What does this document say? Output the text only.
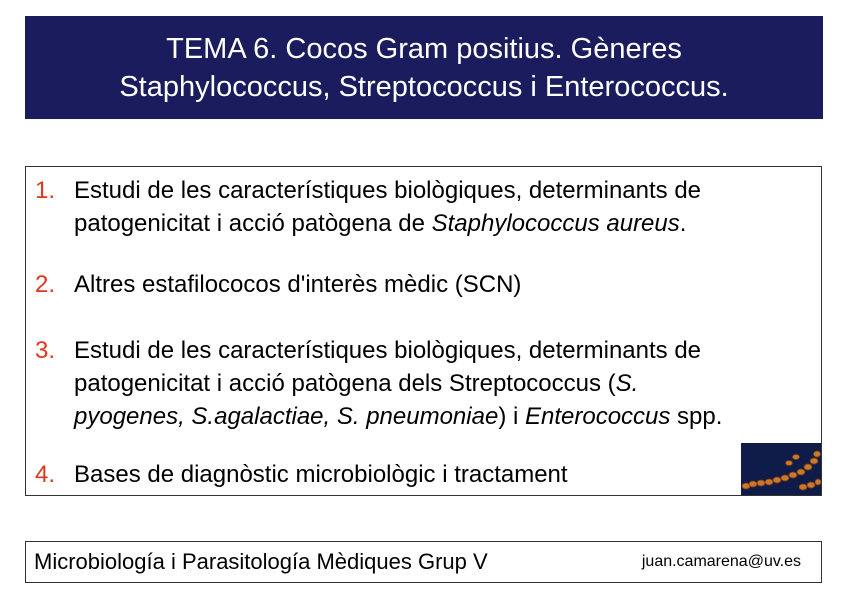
TEMA 6. Cocos Gram positius. Gèneres
Staphylococcus, Streptococcus i Enterococcus.
1. Estudi de les característiques biològiques, determinants de
patogenicitat i acció patògena de Staphylococcus aureus.
2. Altres estafilococos d'interès mèdic (SCN)
3. Estudi de les característiques biològiques, determinants de
patogenicitat i acció patògena dels Streptococcus (S.
pyogenes, S.agalactiae, S. pneumoniae) i Enterococcus spp.
4. Bases de diagnòstic microbiològic i tractament
Microbiología i Parasitología Mèdiques Grup V	juan.camarena@uv.es
